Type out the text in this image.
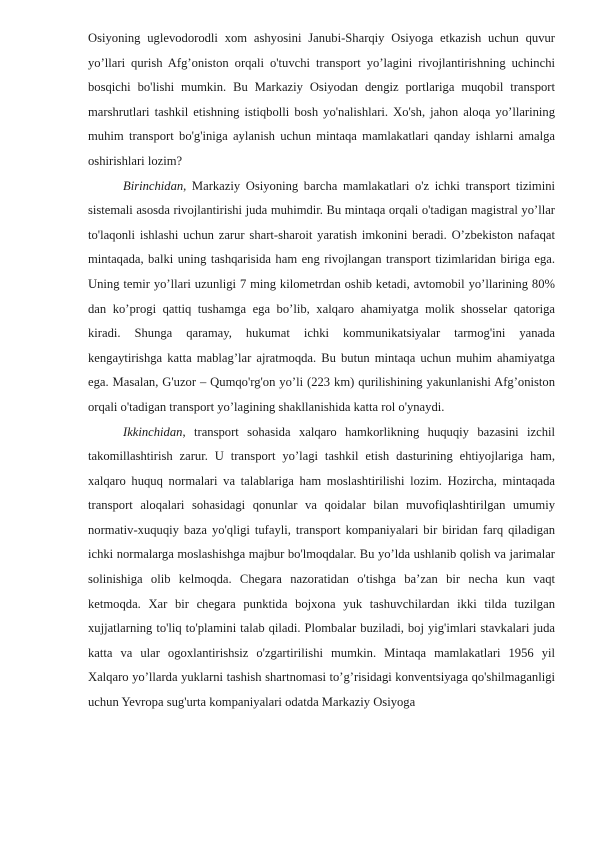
Osiyoning uglevodorodli xom ashyosini Janubi-Sharqiy Osiyoga etkazish uchun quvur yo’llari qurish Afg’oniston orqali o'tuvchi transport yo’lagini rivojlantirishning uchinchi bosqichi bo'lishi mumkin. Bu Markaziy Osiyodan dengiz portlariga muqobil transport marshrutlari tashkil etishning istiqbolli bosh yo'nalishlari. Xo'sh, jahon aloqa yo’llarining muhim transport bo'g'iniga aylanish uchun mintaqa mamlakatlari qanday ishlarni amalga oshirishlari lozim?

Birinchidan, Markaziy Osiyoning barcha mamlakatlari o'z ichki transport tizimini sistemali asosda rivojlantirishi juda muhimdir. Bu mintaqa orqali o'tadigan magistral yo’llar to'laqonli ishlashi uchun zarur shart-sharoit yaratish imkonini beradi. O’zbekiston nafaqat mintaqada, balki uning tashqarisida ham eng rivojlangan transport tizimlaridan biriga ega. Uning temir yo’llari uzunligi 7 ming kilometrdan oshib ketadi, avtomobil yo’llarining 80% dan ko’progi qattiq tushamga ega bo’lib, xalqaro ahamiyatga molik shosselar qatoriga kiradi. Shunga qaramay, hukumat ichki kommunikatsiyalar tarmog'ini yanada kengaytirishga katta mablag’lar ajratmoqda. Bu butun mintaqa uchun muhim ahamiyatga ega. Masalan, G'uzor – Qumqo'rg'on yo’li (223 km) qurilishining yakunlanishi Afg’oniston orqali o'tadigan transport yo’lagining shakllanishida katta rol o'ynaydi.

Ikkinchidan, transport sohasida xalqaro hamkorlikning huquqiy bazasini izchil takomillashtirish zarur. U transport yo’lagi tashkil etish dasturining ehtiyojlariga ham, xalqaro huquq normalari va talablariga ham moslashtirilishi lozim. Hozircha, mintaqada transport aloqalari sohasidagi qonunlar va qoidalar bilan muvofiqlashtirilgan umumiy normativ-xuquqiy baza yo'qligi tufayli, transport kompaniyalari bir biridan farq qiladigan ichki normalarga moslashishga majbur bo'lmoqdalar. Bu yo’lda ushlanib qolish va jarimalar solinishiga olib kelmoqda. Chegara nazoratidan o'tishga ba’zan bir necha kun vaqt ketmoqda. Xar bir chegara punktida bojxona yuk tashuvchilardan ikki tilda tuzilgan xujjatlarning to'liq to'plamini talab qiladi. Plombalar buziladi, boj yig'imlari stavkalari juda katta va ular ogoxlantirishsiz o'zgartirilishi mumkin. Mintaqa mamlakatlari 1956 yil Xalqaro yo’llarda yuklarni tashish shartnomasi to’g’risidagi konventsiyaga qo'shilmaganligi uchun Yevropa sug'urta kompaniyalari odatda Markaziy Osiyoga
